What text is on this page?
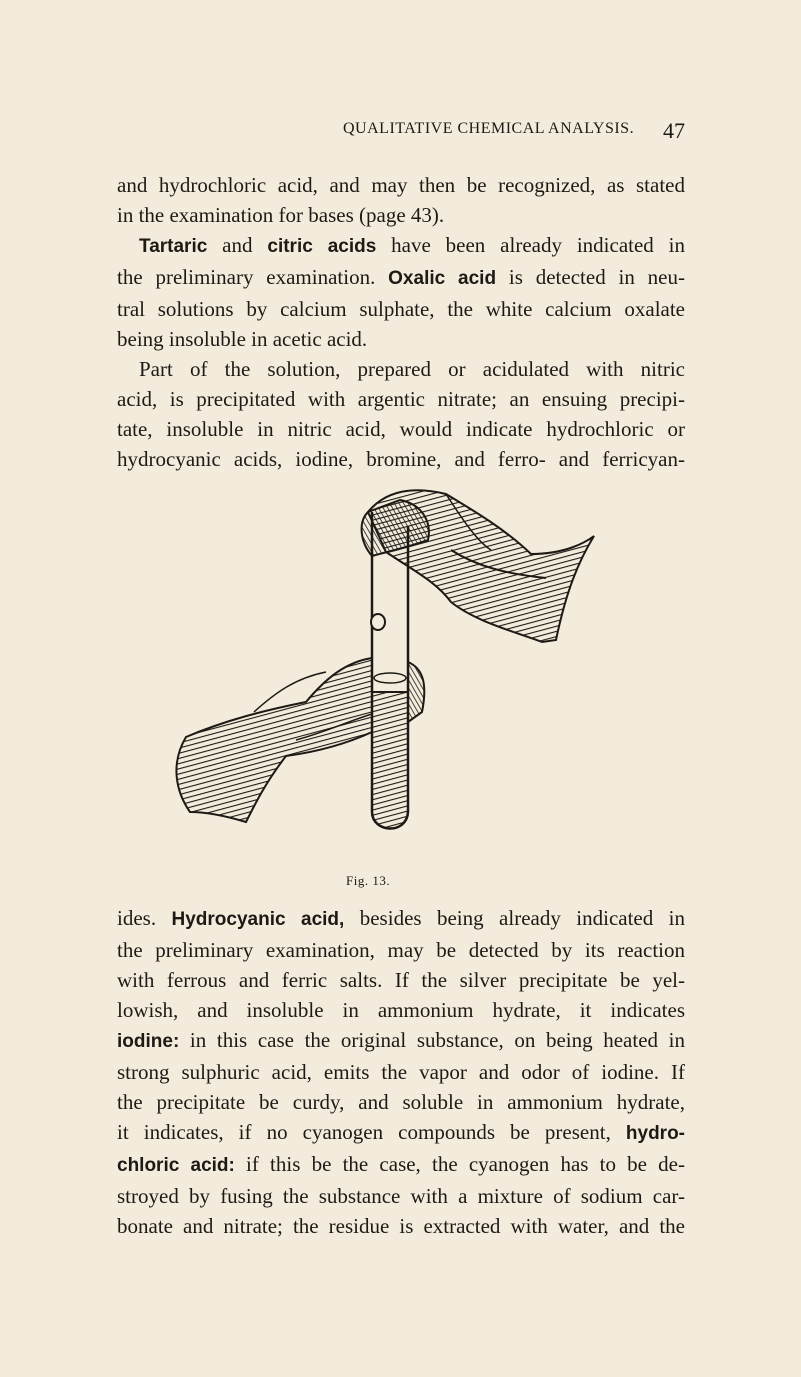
QUALITATIVE CHEMICAL ANALYSIS. 47
and hydrochloric acid, and may then be recognized, as stated
in the examination for bases (page 43).
Tartaric and citric acids have been already indicated in
the preliminary examination. Oxalic acid is detected in neu-
tral solutions by calcium sulphate, the white calcium oxalate
being insoluble in acetic acid.
Part of the solution, prepared or acidulated with nitric
acid, is precipitated with argentic nitrate; an ensuing precipi-
tate, insoluble in nitric acid, would indicate hydrochloric or
hydrocyanic acids, iodine, bromine, and ferro- and ferricyan-
Fig. 13.
ides. Hydrocyanic acid, besides being already indicated in
the preliminary examination, may be detected by its reaction
with ferrous and ferric salts. If the silver precipitate be yel-
lowish, and insoluble in ammonium hydrate, it indicates
iodine: in this case the original substance, on being heated in
strong sulphuric acid, emits the vapor and odor of iodine. If
the precipitate be curdy, and soluble in ammonium hydrate,
it indicates, if no cyanogen compounds be present, hydro-
chloric acid: if this be the case, the cyanogen has to be de-
stroyed by fusing the substance with a mixture of sodium car-
bonate and nitrate; the residue is extracted with water, and the
